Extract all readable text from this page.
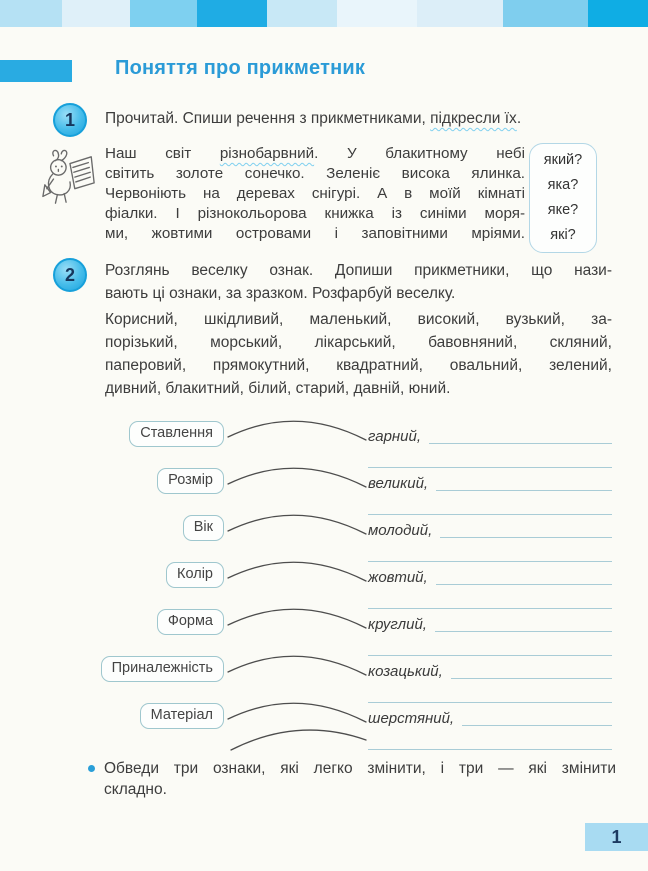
Поняття про прикметник
1	Прочитай. Спиши речення з прикметниками, підкресли їх.
Наш світ різнобарвний. У блакитному небі
світить золоте сонечко. Зеленіє висока ялинка.
Червоніють на деревах снігурі. А в моїй кімнаті
фіалки. І різнокольорова книжка із синіми моря-
ми, жовтими островами і заповітними мріями.
який?
яка?
яке?
які?
2	Розглянь веселку ознак. Допиши прикметники, що нази-
вають ці ознаки, за зразком. Розфарбуй веселку.
Корисний, шкідливий, маленький, високий, вузький, за-
порізький, морський, лікарський, бавовняний, скляний,
паперовий, прямокутний, квадратний, овальний, зелений,
дивний, блакитний, білий, старий, давній, юний.
Ставлення
Розмір
Вік
Колір
Форма
Приналежність
Матеріал
гарний,
великий,
молодий,
жовтий,
круглий,
козацький,
шерстяний,
Обведи три ознаки, які легко змінити, і три — які змінити
складно.
1
